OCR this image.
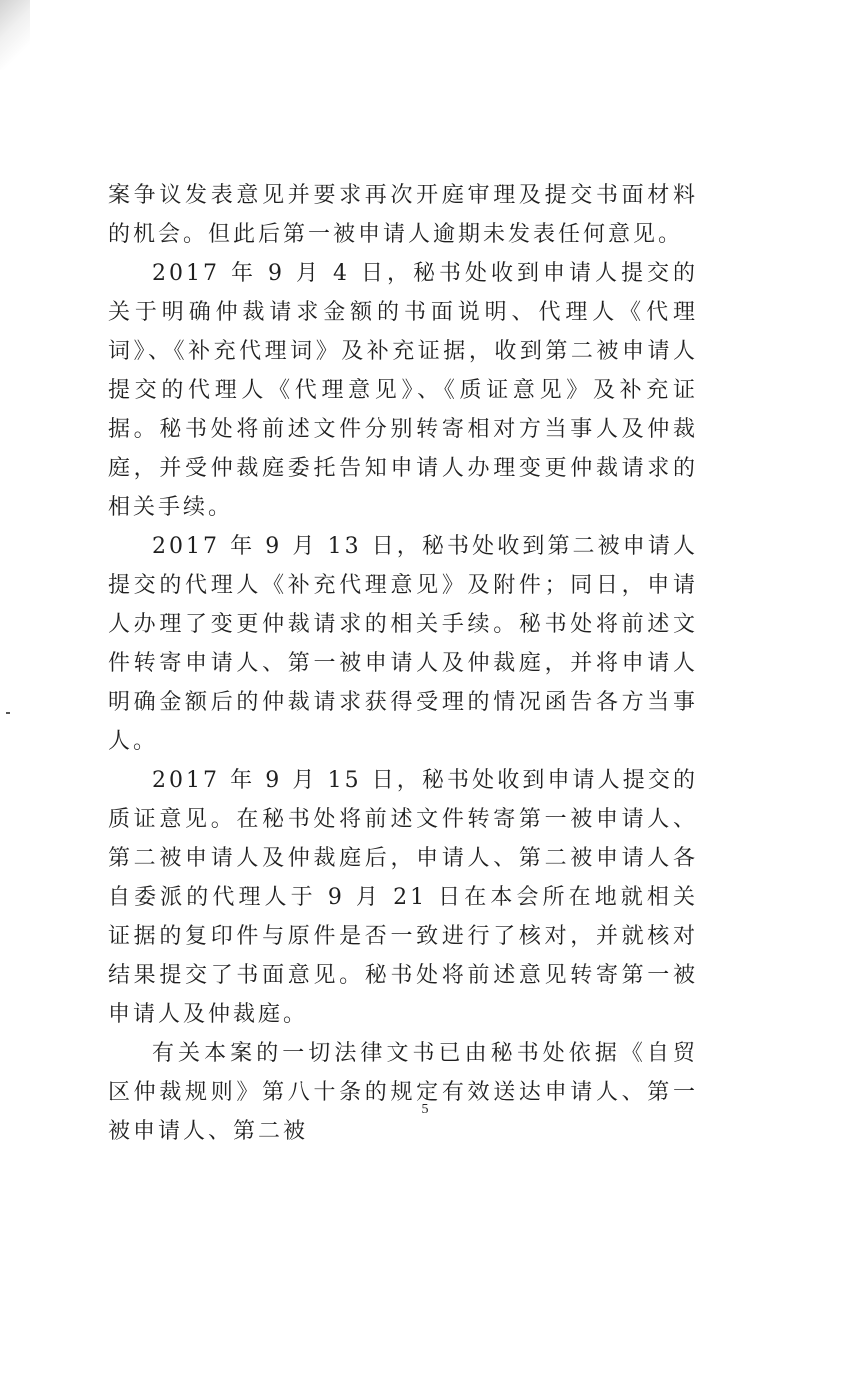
案争议发表意见并要求再次开庭审理及提交书面材料的机会。但此后第一被申请人逾期未发表任何意见。

2017 年 9 月 4 日，秘书处收到申请人提交的关于明确仲裁请求金额的书面说明、代理人《代理词》、《补充代理词》及补充证据，收到第二被申请人提交的代理人《代理意见》、《质证意见》及补充证据。秘书处将前述文件分别转寄相对方当事人及仲裁庭，并受仲裁庭委托告知申请人办理变更仲裁请求的相关手续。

2017 年 9 月 13 日，秘书处收到第二被申请人提交的代理人《补充代理意见》及附件；同日，申请人办理了变更仲裁请求的相关手续。秘书处将前述文件转寄申请人、第一被申请人及仲裁庭，并将申请人明确金额后的仲裁请求获得受理的情况函告各方当事人。

2017 年 9 月 15 日，秘书处收到申请人提交的质证意见。在秘书处将前述文件转寄第一被申请人、第二被申请人及仲裁庭后，申请人、第二被申请人各自委派的代理人于 9 月 21 日在本会所在地就相关证据的复印件与原件是否一致进行了核对，并就核对结果提交了书面意见。秘书处将前述意见转寄第一被申请人及仲裁庭。

有关本案的一切法律文书已由秘书处依据《自贸区仲裁规则》第八十条的规定有效送达申请人、第一被申请人、第二被

5
